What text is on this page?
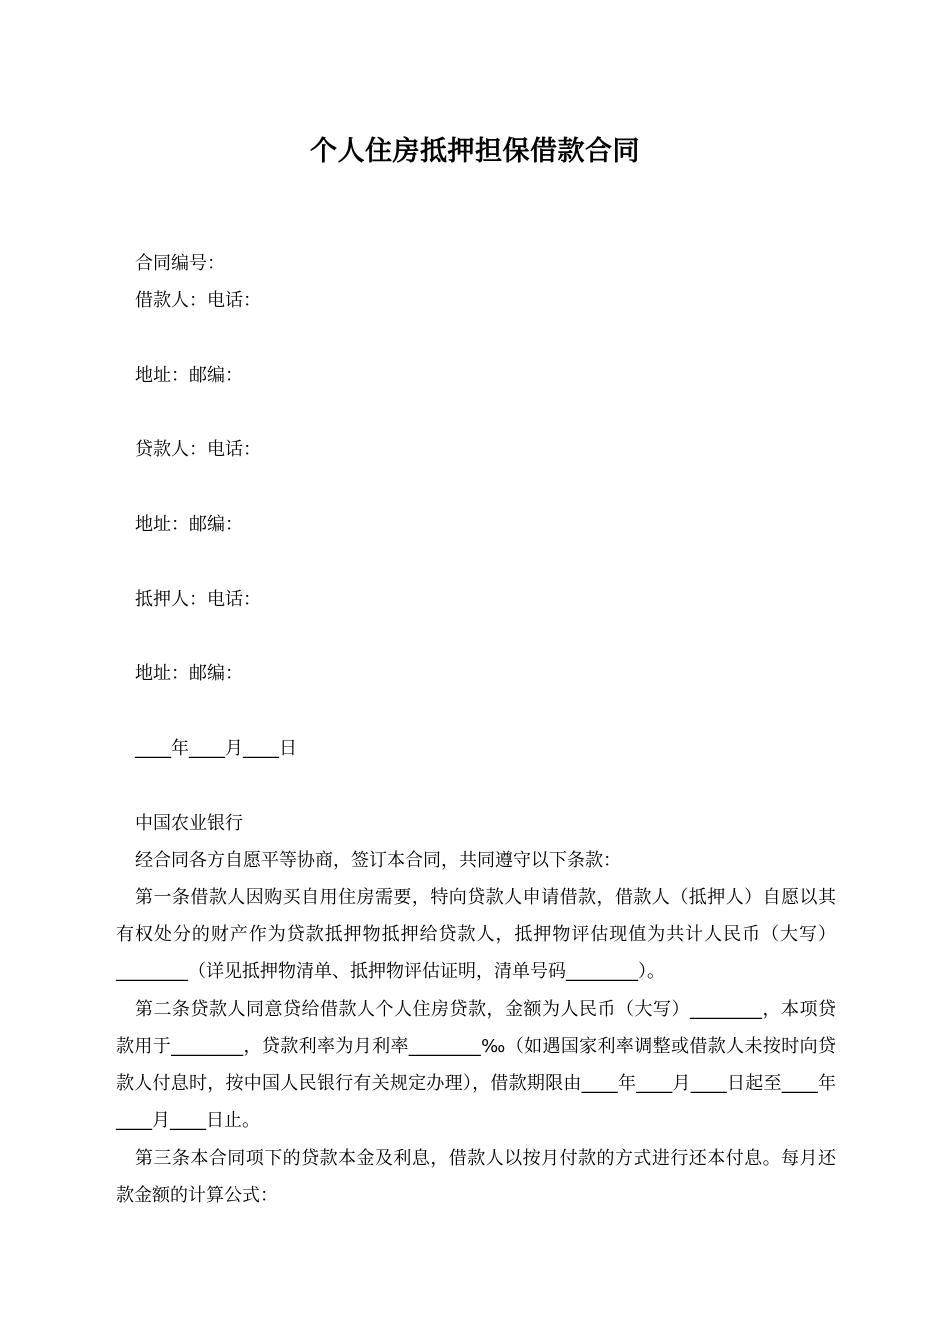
个人住房抵押担保借款合同
合同编号：
借款人：电话：
地址：邮编：
贷款人：电话：
地址：邮编：
抵押人：电话：
地址：邮编：
____年____月____日
中国农业银行
经合同各方自愿平等协商，签订本合同，共同遵守以下条款：
第一条借款人因购买自用住房需要，特向贷款人申请借款，借款人（抵押人）自愿以其有权处分的财产作为贷款抵押物抵押给贷款人，抵押物评估现值为共计人民币（大写）________（详见抵押物清单、抵押物评估证明，清单号码________）。
第二条贷款人同意贷给借款人个人住房贷款，金额为人民币（大写）________，本项贷款用于________，贷款利率为月利率________‰（如遇国家利率调整或借款人未按时向贷款人付息时，按中国人民银行有关规定办理），借款期限由____年____月____日起至____年____月____日止。
第三条本合同项下的贷款本金及利息，借款人以按月付款的方式进行还本付息。每月还款金额的计算公式：
